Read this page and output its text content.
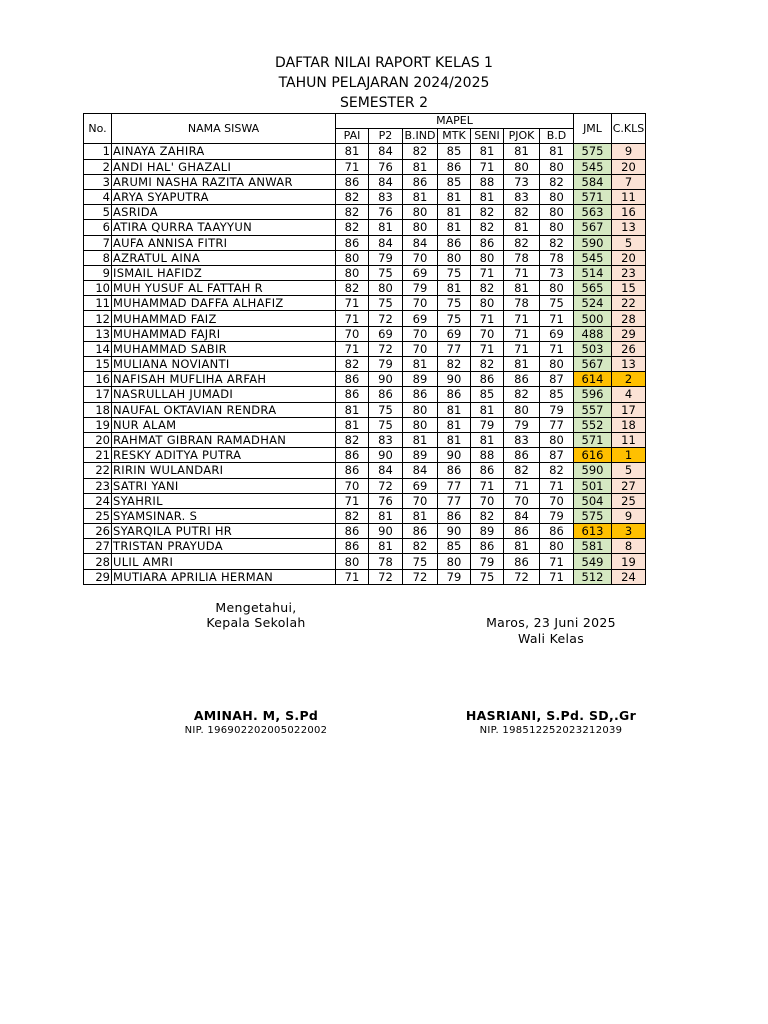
DAFTAR NILAI RAPORT KELAS 1
TAHUN PELAJARAN 2024/2025
SEMESTER 2
No.	NAMA SISWA	MAPEL							JML	C.KLS
		PAI	P2	B.IND	MTK	SENI	PJOK	B.D		
1	AINAYA ZAHIRA	81	84	82	85	81	81	81	575	9
2	ANDI HAL' GHAZALI	71	76	81	86	71	80	80	545	20
3	ARUMI NASHA RAZITA ANWAR	86	84	86	85	88	73	82	584	7
4	ARYA SYAPUTRA	82	83	81	81	81	83	80	571	11
5	ASRIDA	82	76	80	81	82	82	80	563	16
6	ATIRA QURRA TAAYYUN	82	81	80	81	82	81	80	567	13
7	AUFA ANNISA FITRI	86	84	84	86	86	82	82	590	5
8	AZRATUL AINA	80	79	70	80	80	78	78	545	20
9	ISMAIL HAFIDZ	80	75	69	75	71	71	73	514	23
10	MUH YUSUF AL FATTAH R	82	80	79	81	82	81	80	565	15
11	MUHAMMAD DAFFA ALHAFIZ	71	75	70	75	80	78	75	524	22
12	MUHAMMAD FAIZ	71	72	69	75	71	71	71	500	28
13	MUHAMMAD FAJRI	70	69	70	69	70	71	69	488	29
14	MUHAMMAD SABIR	71	72	70	77	71	71	71	503	26
15	MULIANA NOVIANTI	82	79	81	82	82	81	80	567	13
16	NAFISAH MUFLIHA ARFAH	86	90	89	90	86	86	87	614	2
17	NASRULLAH JUMADI	86	86	86	86	85	82	85	596	4
18	NAUFAL OKTAVIAN RENDRA	81	75	80	81	81	80	79	557	17
19	NUR ALAM	81	75	80	81	79	79	77	552	18
20	RAHMAT GIBRAN RAMADHAN	82	83	81	81	81	83	80	571	11
21	RESKY ADITYA PUTRA	86	90	89	90	88	86	87	616	1
22	RIRIN WULANDARI	86	84	84	86	86	82	82	590	5
23	SATRI YANI	70	72	69	77	71	71	71	501	27
24	SYAHRIL	71	76	70	77	70	70	70	504	25
25	SYAMSINAR. S	82	81	81	86	82	84	79	575	9
26	SYARQILA PUTRI HR	86	90	86	90	89	86	86	613	3
27	TRISTAN PRAYUDA	86	81	82	85	86	81	80	581	8
28	ULIL AMRI	80	78	75	80	79	86	71	549	19
29	MUTIARA APRILIA HERMAN	71	72	72	79	75	72	71	512	24
Mengetahui,
Kepala Sekolah
AMINAH. M, S.Pd
NIP. 196902202005022002
Maros, 23 Juni 2025
Wali Kelas
HASRIANI, S.Pd. SD,.Gr
NIP. 198512252023212039
